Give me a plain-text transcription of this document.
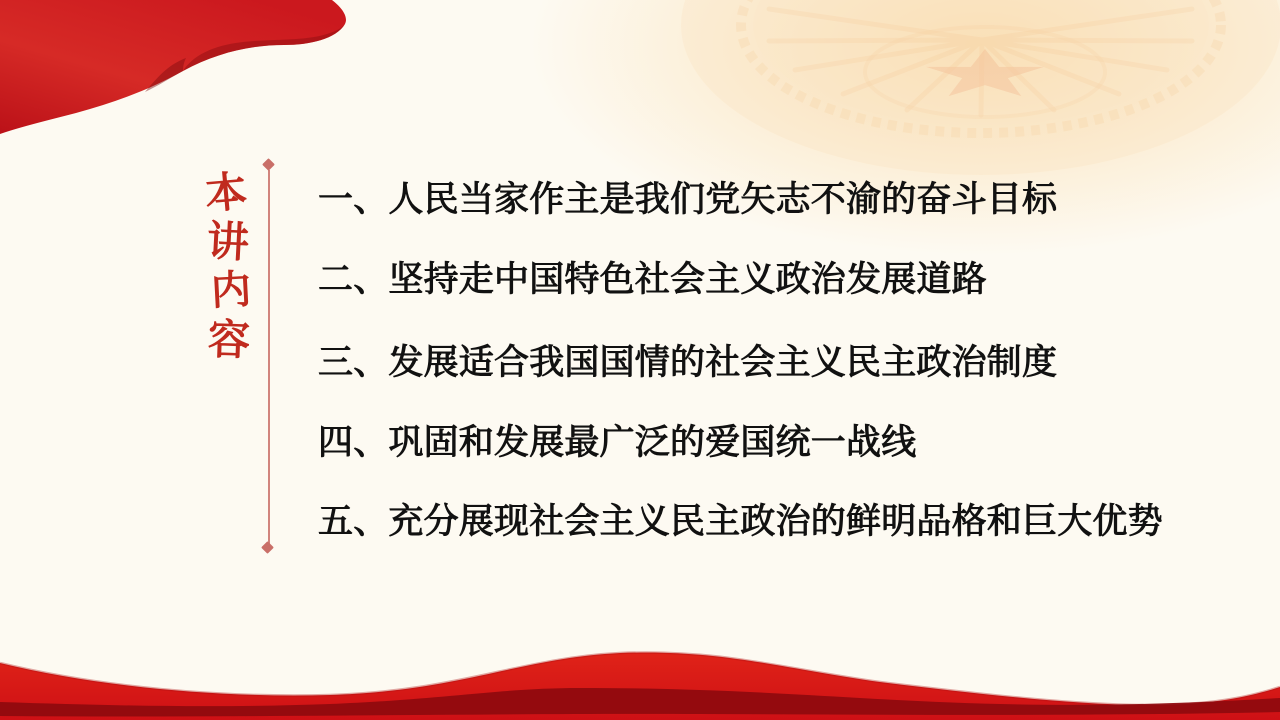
本
讲
内
容
一、 人民当家作主是我们党矢志不渝的奋斗目标
二、 坚持走中国特色社会主义政治发展道路
三、 发展适合我国国情的社会主义民主政治制度
四、 巩固和发展最广泛的爱国统一战线
五、 充分展现社会主义民主政治的鲜明品格和巨大优势
